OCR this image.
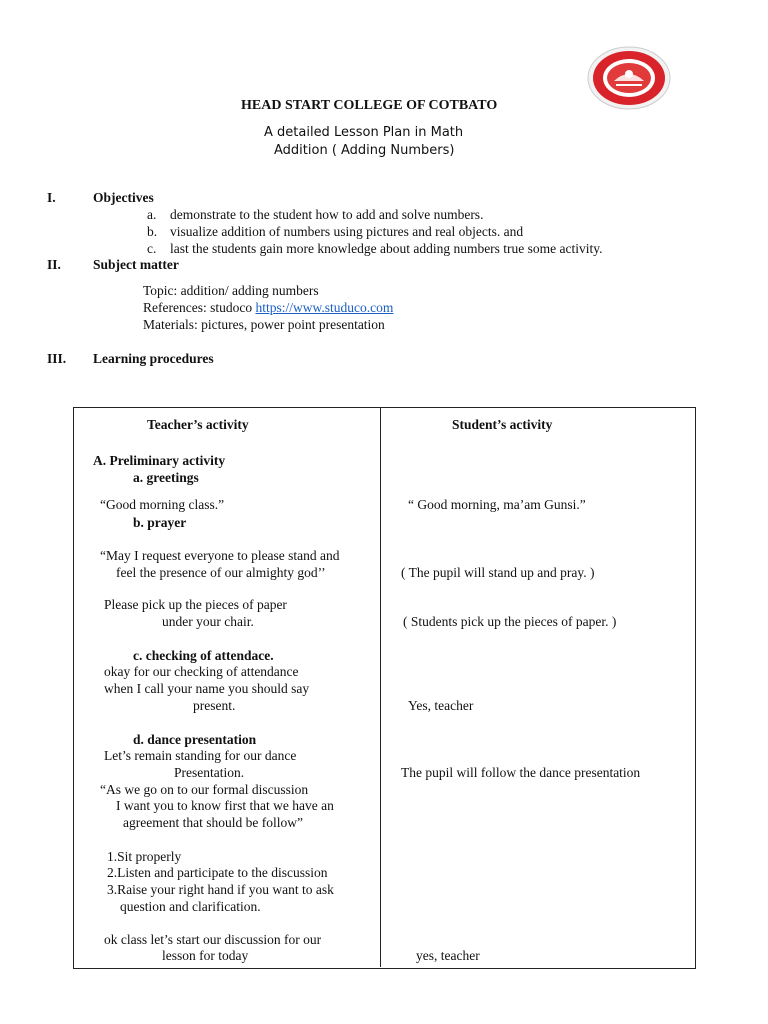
HEAD START COLLEGE OF COTBATO
A detailed Lesson Plan in Math
Addition ( Adding Numbers)
I.	Objectives
a. demonstrate to the student how to add and solve numbers.
b. visualize addition of numbers using pictures and real objects. and
c. last the students gain more knowledge about adding numbers true some activity.
II. Subject matter
Topic: addition/ adding numbers
References: studoco https://www.studuco.com
Materials: pictures, power point presentation
III. Learning procedures
Teacher’s activity	Student’s activity
A. Preliminary activity
a. greetings
“Good morning class.”	“ Good morning, ma’am Gunsi.”
b. prayer
“May I request everyone to please stand and
feel the presence of our almighty god’’	( The pupil will stand up and pray. )
Please pick up the pieces of paper
under your chair.	( Students pick up the pieces of paper. )
c. checking of attendace.
okay for our checking of attendance
when I call your name you should say
present.	Yes, teacher
d. dance presentation
Let’s remain standing for our dance
Presentation.	The pupil will follow the dance presentation
“As we go on to our formal discussion
I want you to know first that we have an
agreement that should be follow”
1.Sit properly
2.Listen and participate to the discussion
3.Raise your right hand if you want to ask
question and clarification.
ok class let’s start our discussion for our
lesson for today	yes, teacher
